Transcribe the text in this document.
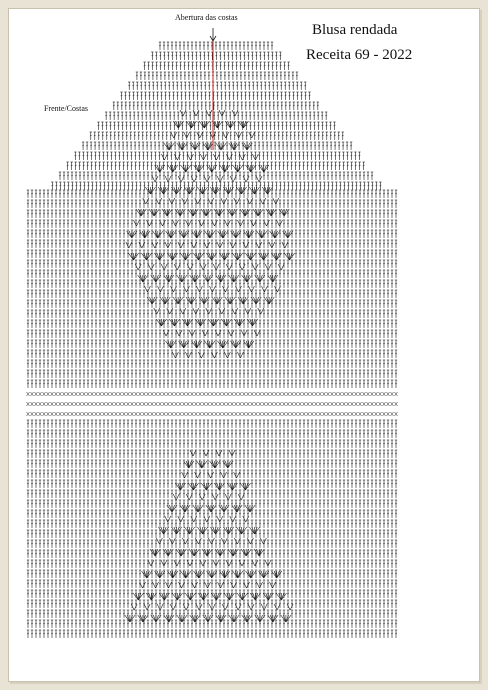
Blusa rendada
Receita 69 - 2022
Abertura das costas
Frente/Costas
